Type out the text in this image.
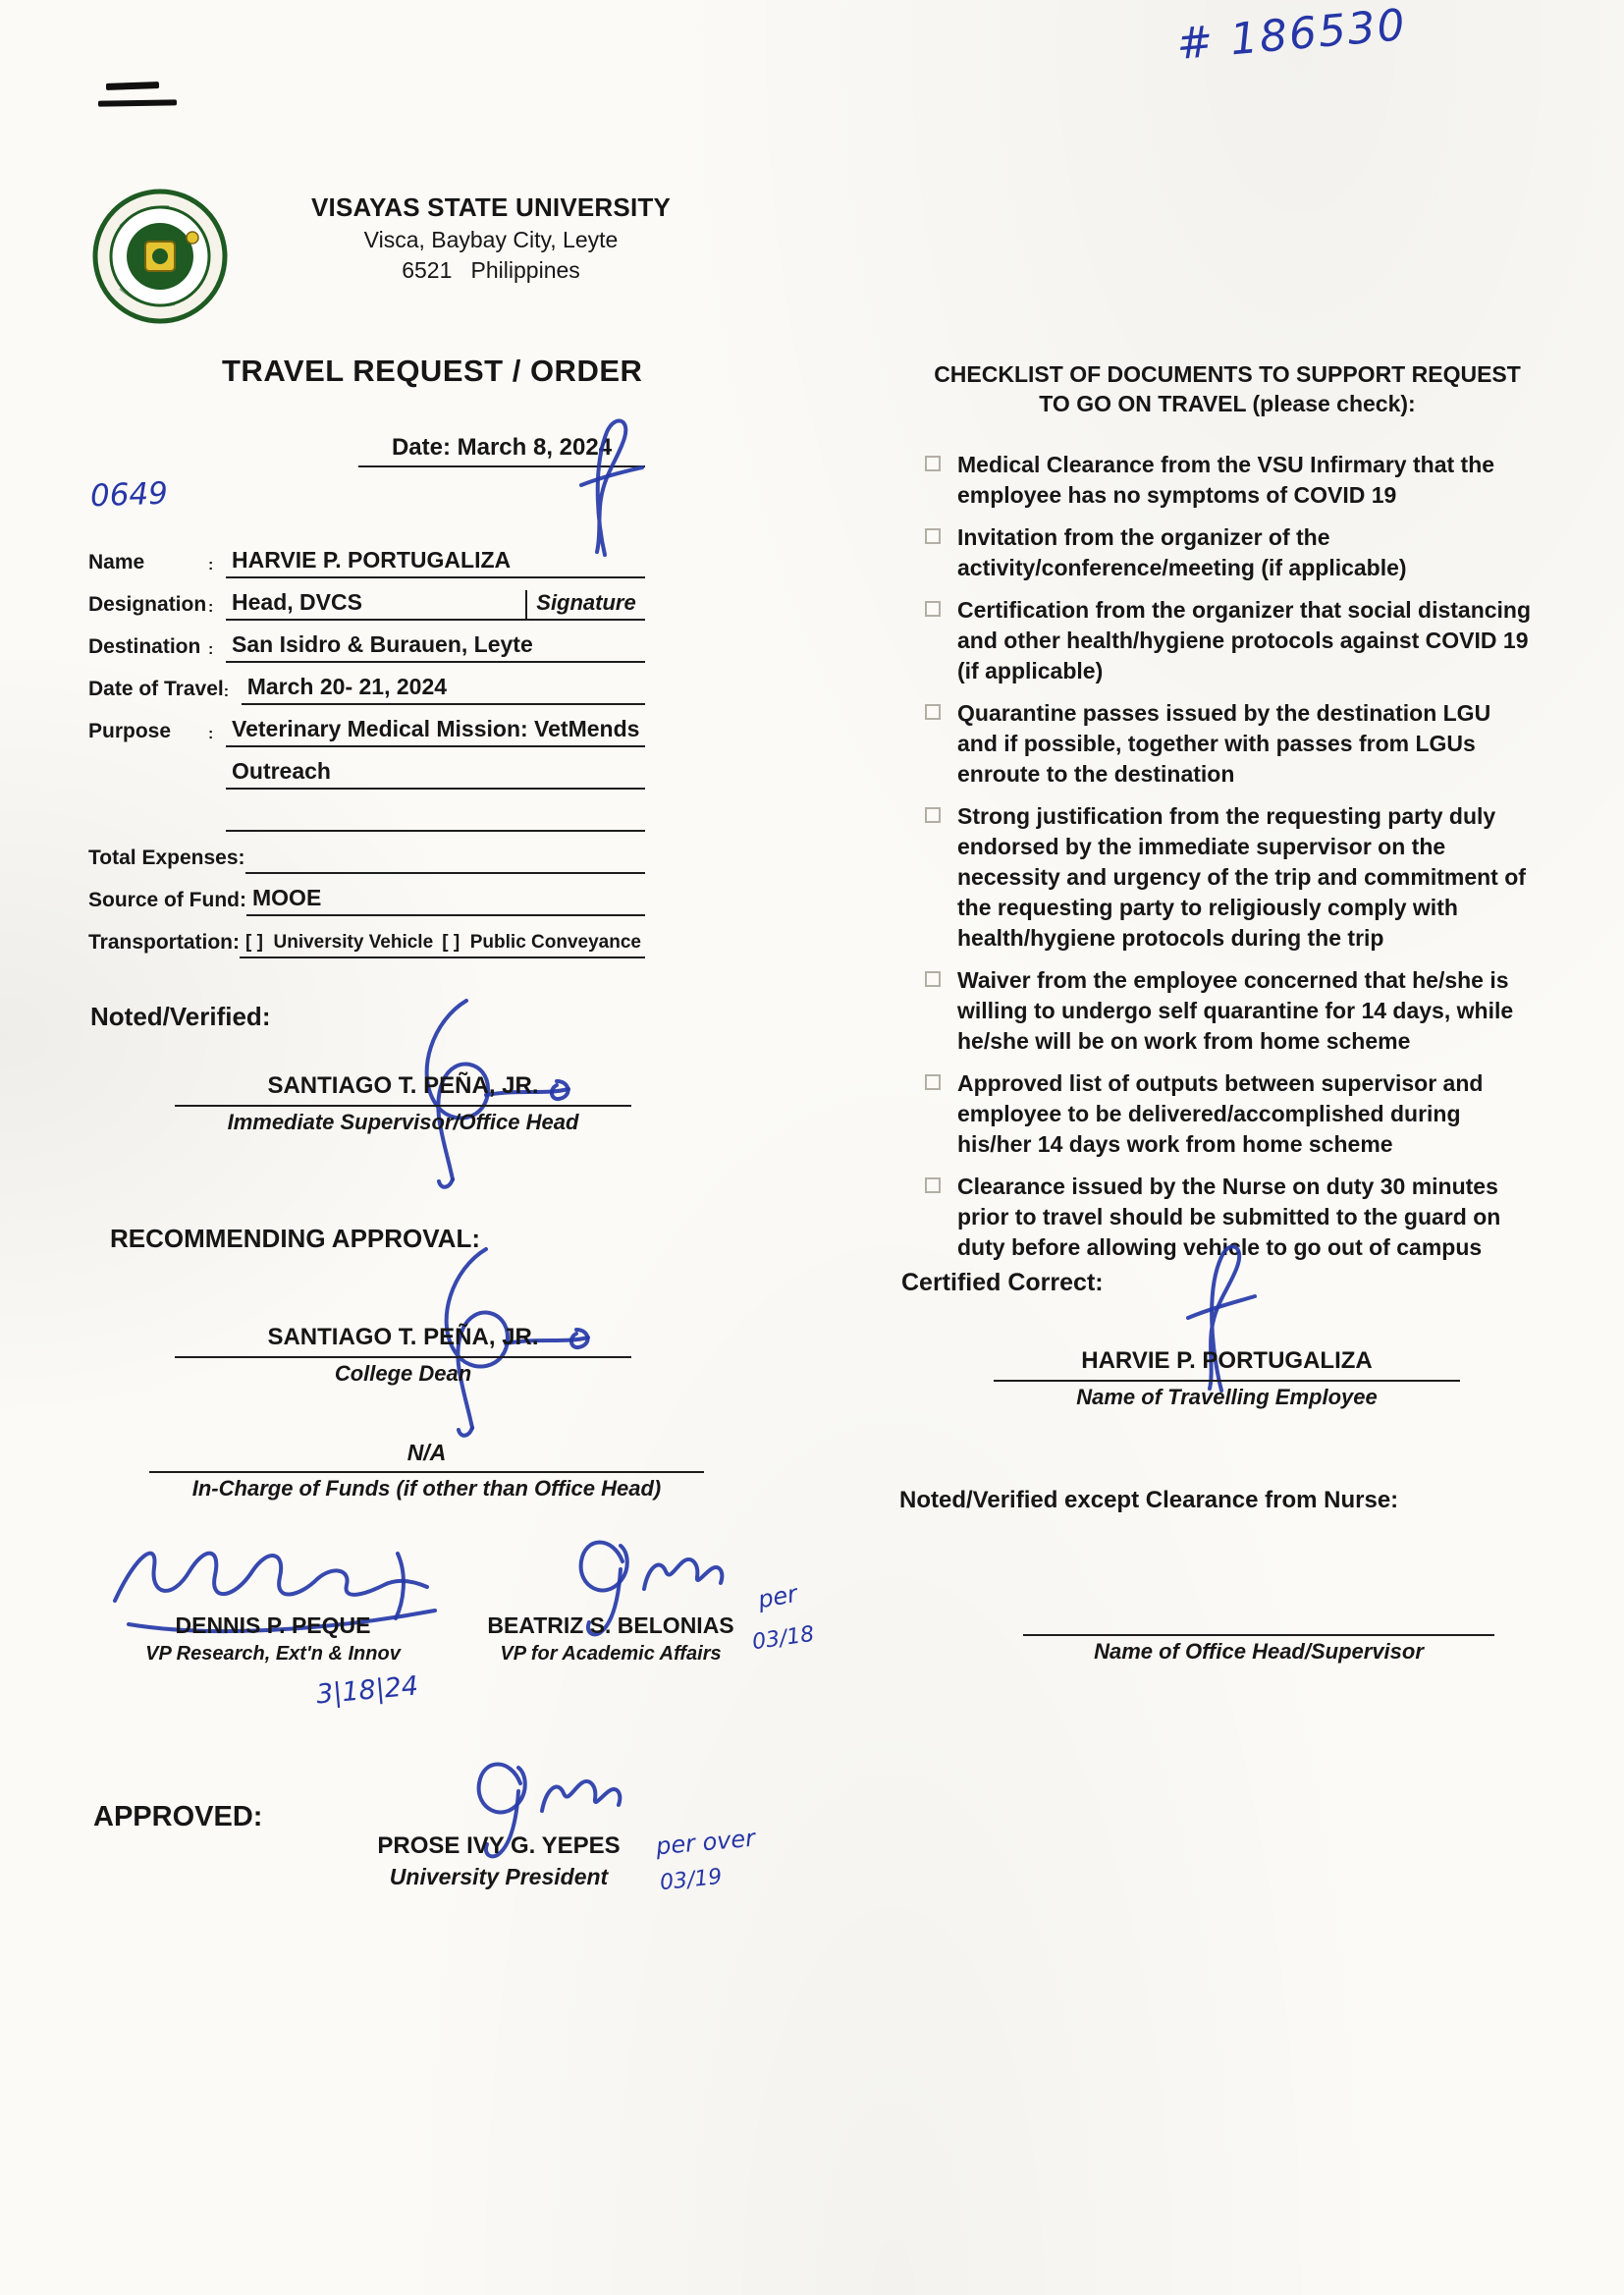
# 186530
0649
VISAYAS STATE UNIVERSITY
Visca, Baybay City, Leyte
6521   Philippines
TRAVEL REQUEST / ORDER
Date: March 8, 2024
Name	: HARVIE P. PORTUGALIZA
Designation : Head, DVCS	Signature
Destination : San Isidro & Burauen, Leyte
Date of Travel : March 20- 21, 2024
Purpose	: Veterinary Medical Mission: VetMends
Outreach
Total Expenses:
Source of Fund: MOOE
Transportation: [ ]  University Vehicle [ ]  Public Conveyance
Noted/Verified:
SANTIAGO T. PEÑA, JR.
Immediate Supervisor/Office Head
RECOMMENDING APPROVAL:
SANTIAGO T. PEÑA, JR.
College Dean
N/A
In-Charge of Funds (if other than Office Head)
DENNIS P. PEQUE
VP Research, Ext'n & Innov
3|18|24
BEATRIZ S. BELONIAS
VP for Academic Affairs
per
03/18
APPROVED:
PROSE IVY G. YEPES
University President
per over
03/19
CHECKLIST OF DOCUMENTS TO SUPPORT REQUEST
TO GO ON TRAVEL (please check):
Medical Clearance from the VSU Infirmary that the employee has no symptoms of COVID 19
Invitation from the organizer of the activity/conference/meeting (if applicable)
Certification from the organizer that social distancing and other health/hygiene protocols against COVID 19 (if applicable)
Quarantine passes issued by the destination LGU and if possible, together with passes from LGUs enroute to the destination
Strong justification from the requesting party duly endorsed by the immediate supervisor on the necessity and urgency of the trip and commitment of the requesting party to religiously comply with health/hygiene protocols during the trip
Waiver from the employee concerned that he/she is willing to undergo self quarantine for 14 days, while he/she will be on work from home scheme
Approved list of outputs between supervisor and employee to be delivered/accomplished during his/her 14 days work from home scheme
Clearance issued by the Nurse on duty 30 minutes prior to travel should be submitted to the guard on duty before allowing vehicle to go out of campus
Certified Correct:
HARVIE P. PORTUGALIZA
Name of Travelling Employee
Noted/Verified except Clearance from Nurse:
Name of Office Head/Supervisor
